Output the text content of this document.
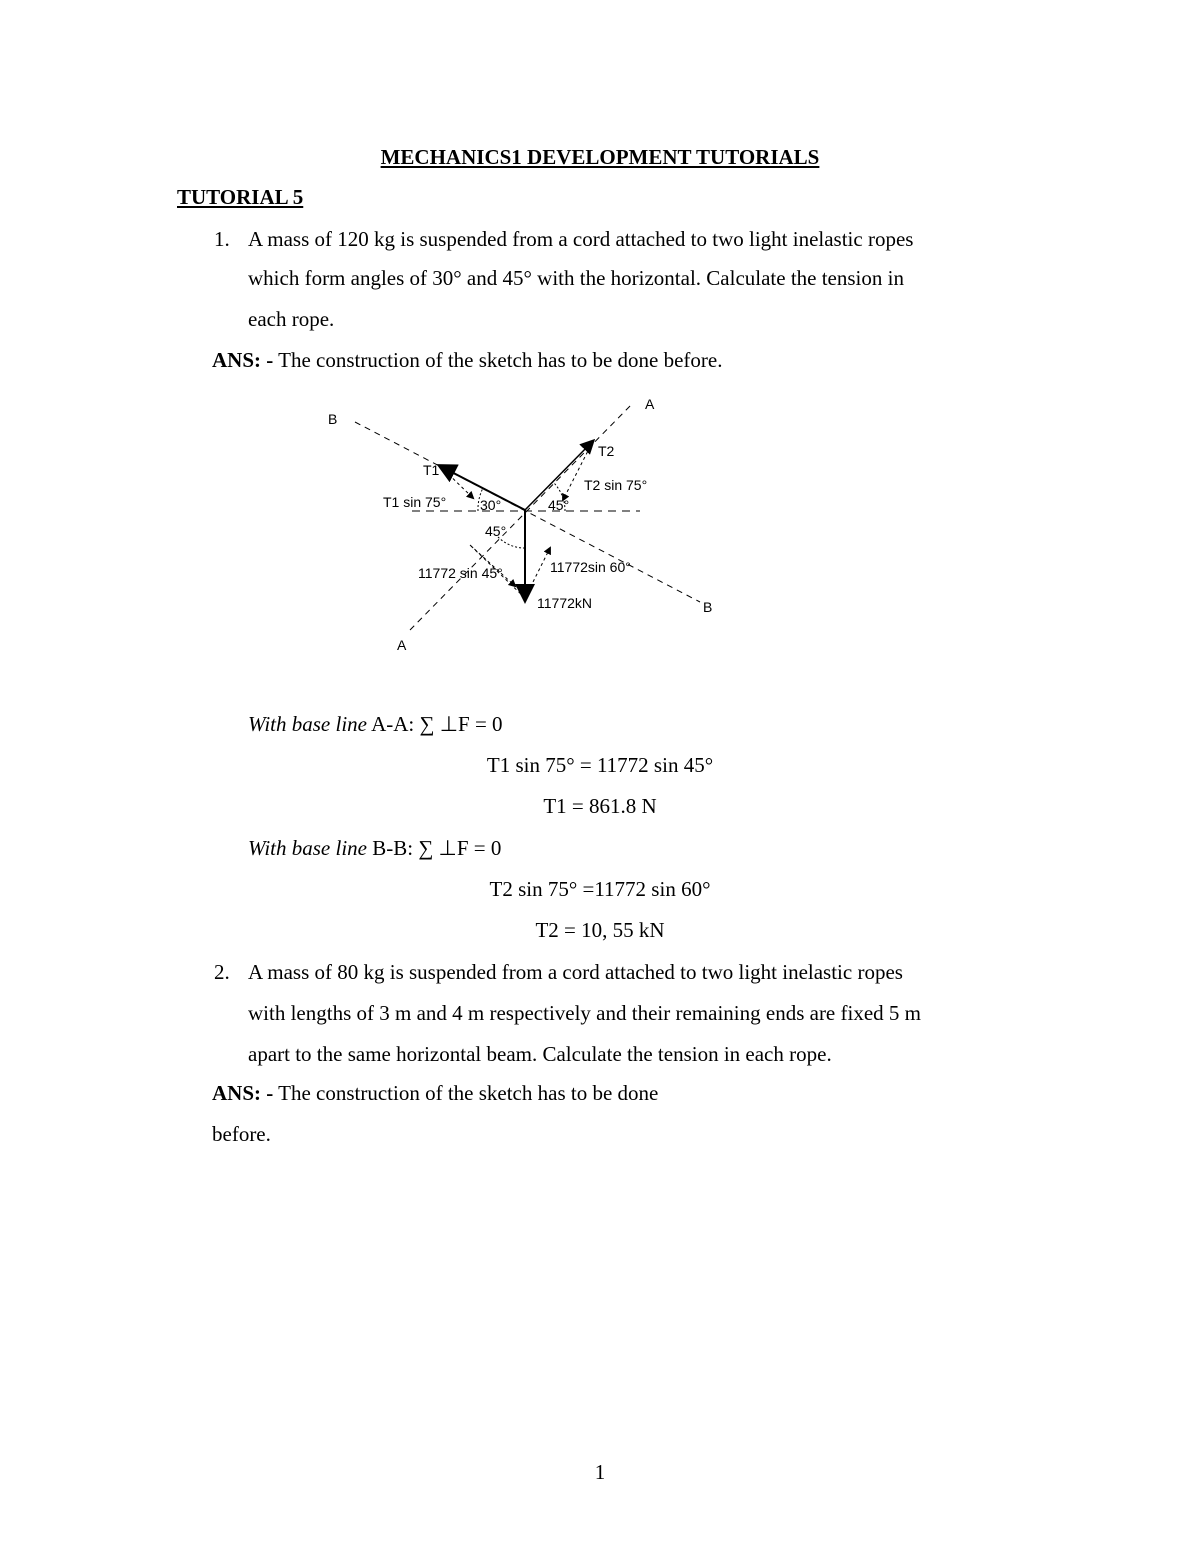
MECHANICS1 DEVELOPMENT TUTORIALS
TUTORIAL 5
1. A mass of 120 kg is suspended from a cord attached to two light inelastic ropes
which form angles of 30° and 45° with the horizontal. Calculate the tension in
each rope.
ANS: - The construction of the sketch has to be done before.
B
A
A
B
T1
T2
T1 sin 75°
T2 sin 75°
30°	45°
45°
11772 sin 45°	11772sin 60°
11772kN
With base line A-A: ∑ ⊥F = 0
T1 sin 75° = 11772 sin 45°
T1 = 861.8 N
With base line B-B: ∑ ⊥F = 0
T2 sin 75° =11772 sin 60°
T2 = 10, 55 kN
2. A mass of 80 kg is suspended from a cord attached to two light inelastic ropes
with lengths of 3 m and 4 m respectively and their remaining ends are fixed 5 m
apart to the same horizontal beam. Calculate the tension in each rope.
ANS: - The construction of the sketch has to be done
before.
1
